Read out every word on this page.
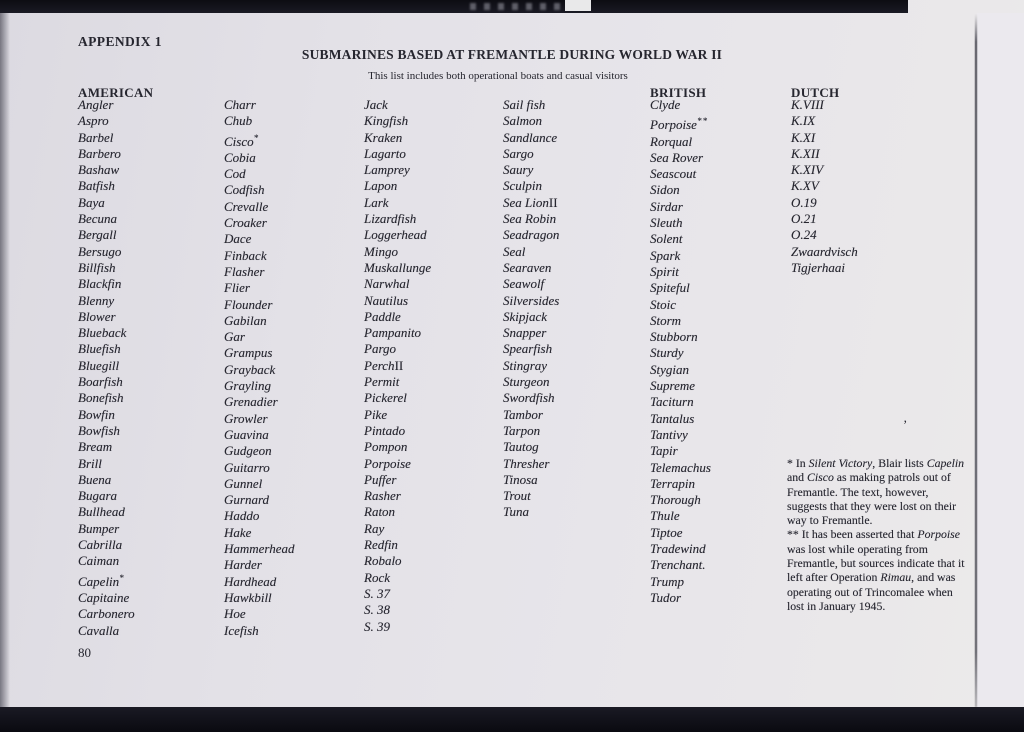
APPENDIX 1
SUBMARINES BASED AT FREMANTLE DURING WORLD WAR II
This list includes both operational boats and casual visitors
AMERICAN	BRITISH	DUTCH
Angler
Aspro
Barbel
Barbero
Bashaw
Batfish
Baya
Becuna
Bergall
Bersugo
Billfish
Blackfin
Blenny
Blower
Blueback
Bluefish
Bluegill
Boarfish
Bonefish
Bowfin
Bowfish
Bream
Brill
Buena
Bugara
Bullhead
Bumper
Cabrilla
Caiman
Capelin*
Capitaine
Carbonero
Cavalla
Charr
Chub
Cisco*
Cobia
Cod
Codfish
Crevalle
Croaker
Dace
Finback
Flasher
Flier
Flounder
Gabilan
Gar
Grampus
Grayback
Grayling
Grenadier
Growler
Guavina
Gudgeon
Guitarro
Gunnel
Gurnard
Haddo
Hake
Hammerhead
Harder
Hardhead
Hawkbill
Hoe
Icefish
Jack
Kingfish
Kraken
Lagarto
Lamprey
Lapon
Lark
Lizardfish
Loggerhead
Mingo
Muskallunge
Narwhal
Nautilus
Paddle
Pampanito
Pargo
PerchII
Permit
Pickerel
Pike
Pintado
Pompon
Porpoise
Puffer
Rasher
Raton
Ray
Redfin
Robalo
Rock
S. 37
S. 38
S. 39
Sail fish
Salmon
Sandlance
Sargo
Saury
Sculpin
Sea LionII
Sea Robin
Seadragon
Seal
Searaven
Seawolf
Silversides
Skipjack
Snapper
Spearfish
Stingray
Sturgeon
Swordfish
Tambor
Tarpon
Tautog
Thresher
Tinosa
Trout
Tuna
Clyde
Porpoise**
Rorqual
Sea Rover
Seascout
Sidon
Sirdar
Sleuth
Solent
Spark
Spirit
Spiteful
Stoic
Storm
Stubborn
Sturdy
Stygian
Supreme
Taciturn
Tantalus
Tantivy
Tapir
Telemachus
Terrapin
Thorough
Thule
Tiptoe
Tradewind
Trenchant.
Trump
Tudor
K.VIII
K.IX
K.XI
K.XII
K.XIV
K.XV
O.19
O.21
O.24
Zwaardvisch
Tigjerhaai

* In Silent Victory, Blair lists Capelin and Cisco as making patrols out of Fremantle. The text, however, suggests that they were lost on their way to Fremantle.

** It has been asserted that Porpoise was lost while operating from Fremantle, but sources indicate that it left after Operation Rimau, and was operating out of Trincomalee when lost in January 1945.

80
’
